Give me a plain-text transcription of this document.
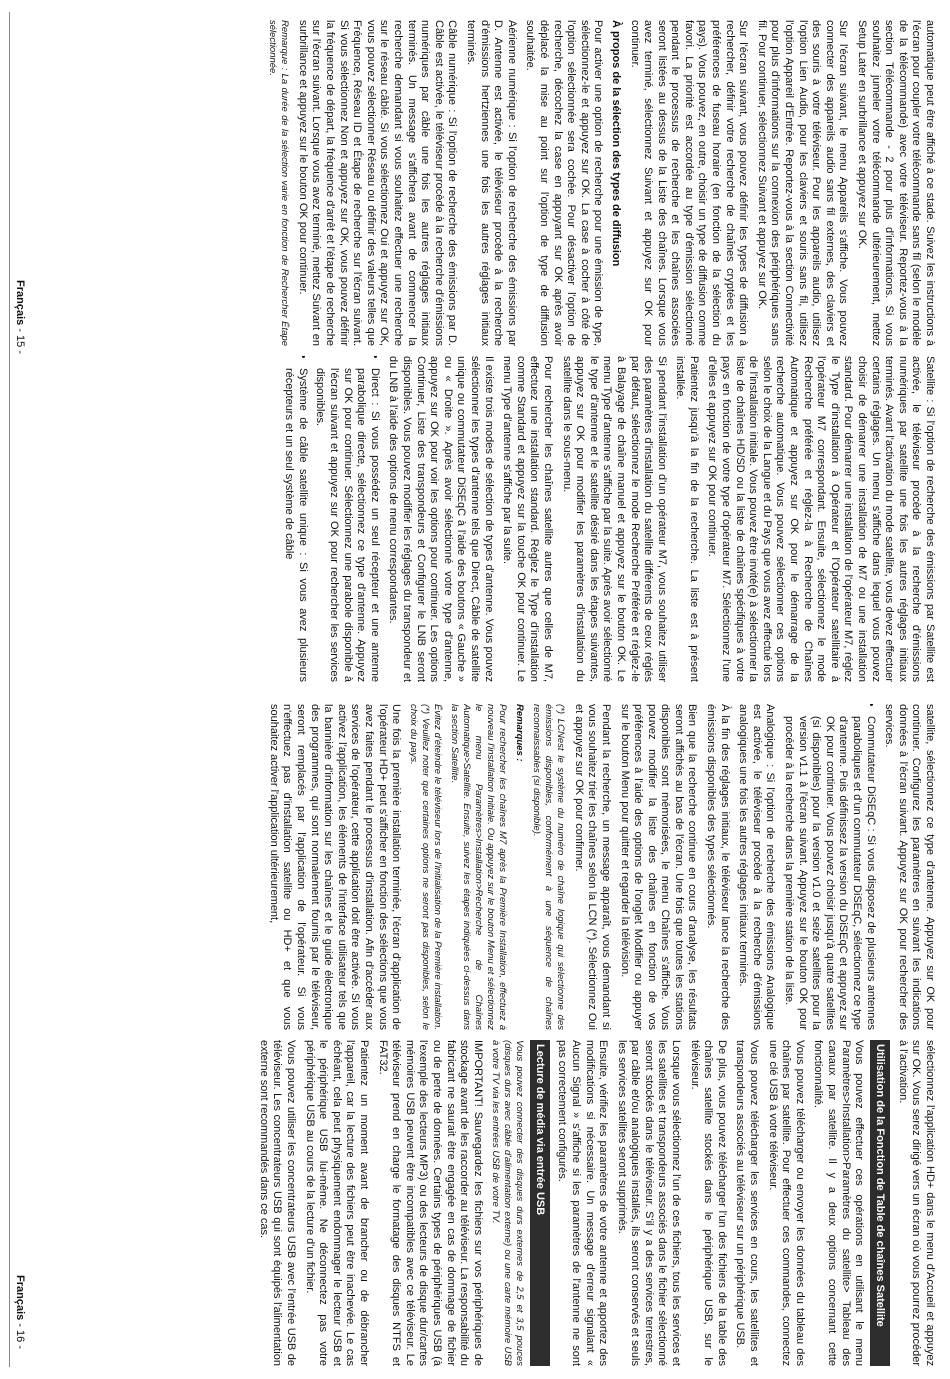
automatique peut être affiché à ce stade. Suivez les instructions à l'écran pour coupler votre télécommande sans fil (selon le modèle de la télécommande) avec votre téléviseur. Reportez-vous à la section Télécommande - 2 pour plus d'informations. Si vous souhaitez jumeler votre télécommande ultérieurement, mettez Setup Later en surbrillance et appuyez sur OK.

Sur l'écran suivant, le menu Appareils s'affiche. Vous pouvez connecter des appareils audio sans fil externes, des claviers et des souris à votre téléviseur. Pour les appareils audio, utilisez l'option Lien Audio, pour les claviers et souris sans fil, utilisez l'option Appareil d'Entrée. Reportez-vous à la section Connectivité pour plus d'informations sur la connexion des périphériques sans fil. Pour continuer, sélectionnez Suivant et appuyez sur OK.

Sur l'écran suivant, vous pouvez définir les types de diffusion à rechercher, définir votre recherche de chaînes cryptées et les préférences de fuseau horaire (en fonction de la sélection du pays). Vous pouvez, en outre, choisir un type de diffusion comme favori. La priorité est accordée au type d'émission sélectionné pendant le processus de recherche et les chaînes associées seront listées au dessus de la Liste des chaînes. Lorsque vous avez terminé, sélectionnez Suivant et appuyez sur OK pour continuer.

À propos de la sélection des types de diffusion

Pour activer une option de recherche pour une émission de type, sélectionnez-le et appuyez sur OK. La case à cocher à côté de l'option sélectionnée sera cochée. Pour désactiver l'option de recherche, décochez la case en appuyant sur OK après avoir déplacé la mise au point sur l'option de type de diffusion souhaitée.

Aérienne numérique : Si l'option de recherche des émissions par D. Antenne est activée, le téléviseur procède à la recherche d'émissions hertziennes une fois les autres réglages initiaux terminés.

Câble numérique : Si l'option de recherche des émissions par D. Câble est activée, le téléviseur procède à la recherche d'émissions numériques par câble une fois les autres réglages initiaux terminés. Un message s'affichera avant de commencer la recherche demandant si vous souhaitez effectuer une recherche sur le réseau câblé. Si vous sélectionnez Oui et appuyez sur OK, vous pouvez sélectionner Réseau ou définir des valeurs telles que Fréquence, Réseau ID et Étape de recherche sur l'écran suivant. Si vous sélectionnez Non et appuyez sur OK, vous pouvez définir la fréquence de départ, la fréquence d'arrêt et l'étape de recherche sur l'écran suivant. Lorsque vous avez terminé, mettez Suivant en surbrillance et appuyez sur le bouton OK pour continuer.

Remarque : La durée de la sélection varie en fonction de Rechercher Étape sélectionnée.

Satellite : Si l'option de recherche des émissions par Satellite est activée, le téléviseur procède à la recherche d'émissions numériques par satellite une fois les autres réglages initiaux terminés. Avant l'activation du mode satellite, vous devez effectuer certains réglages. Un menu s'affiche dans lequel vous pouvez choisir de démarrer une installation de M7 ou une installation standard. Pour démarrer une installation de l'opérateur M7, réglez le Type d'installation à Opérateur et l'Opérateur satellitaire à l'opérateur M7 correspondant. Ensuite, sélectionnez le mode Recherche préférée et réglez-la à Recherche de Chaînes Automatique et appuyez sur OK pour le démarrage de la recherche automatique. Vous pouvez sélectionner ces options selon le choix de la Langue et du Pays que vous avez effectué lors de l'installation initiale. Vous pouvez être invité(e) à sélectionner la liste de chaînes HD/SD ou la liste de chaînes spécifiques à votre pays en fonction de votre type d'opérateur M7. Sélectionnez l'une d'elles et appuyez sur OK pour continuer.

Patientez jusqu'à la fin de la recherche. La liste est à présent installée.

Si pendant l'installation d'un opérateur M7, vous souhaitez utiliser des paramètres d'installation du satellite différents de ceux réglés par défaut, sélectionnez le mode Recherche Préférée et réglez-le à Balayage de chaîne manuel et appuyez sur le bouton OK. Le menu Type d'antenne s'affiche par la suite. Après avoir sélectionné le type d'antenne et le satellite désiré dans les étapes suivantes, appuyez sur OK pour modifier les paramètres d'installation du satellite dans le sous-menu.

Pour rechercher les chaînes satellite autres que celles de M7, effectuez une installation standard. Réglez le Type d'installation comme Standard et appuyez sur la touche OK pour continuer. Le menu Type d'antenne s'affiche par la suite.

Il existe trois modes de sélection de types d'antenne. Vous pouvez sélectionner les types d'antenne tels que Direct, Câble de satellite unique ou commutateur DiSEqC à l'aide des boutons « Gauche » ou « Droite ». Après avoir sélectionné votre type d'antenne, appuyez sur OK pour voir les options pour continuer. Les options Continuer, Liste des transpondeurs et Configurer le LNB seront disponibles. Vous pouvez modifier les réglages du transpondeur et du LNB à l'aide des options de menu correspondantes.

• Direct : Si vous possédez un seul récepteur et une antenne parabolique directe, sélectionnez ce type d'antenne. Appuyez sur OK pour continuer. Sélectionnez une parabole disponible à l'écran suivant et appuyez sur OK pour rechercher les services disponibles.
• Système de câble satellite unique : Si vous avez plusieurs récepteurs et un seul système de câble

satellite, sélectionnez ce type d'antenne. Appuyez sur OK pour continuer. Configurez les paramètres en suivant les indications données à l'écran suivant. Appuyez sur OK pour rechercher des services.

• Commutateur DiSEqC : Si vous disposez de plusieurs antennes paraboliques et d'un commutateur DiSEqC, sélectionnez ce type d'antenne. Puis définissez la version du DiSEqC et appuyez sur OK pour continuer. Vous pouvez choisir jusqu'à quatre satellites (si disponibles) pour la version v1.0 et seize satellites pour la version v1.1 à l'écran suivant. Appuyez sur le bouton OK pour procéder à la recherche dans la première station de la liste.

Analogique : Si l'option de recherche des émissions Analogique est activée, le téléviseur procède à la recherche d'émissions analogiques une fois les autres réglages initiaux terminés.

À la fin des réglages initiaux, le téléviseur lance la recherche des émissions disponibles des types sélectionnés.

Bien que la recherche continue en cours d'analyse, les résultats seront affichés au bas de l'écran. Une fois que toutes les stations disponibles sont mémorisées, le menu Chaînes s'affiche. Vous pouvez modifier la liste des chaînes en fonction de vos préférences à l'aide des options de l'onglet Modifier ou appuyer sur le bouton Menu pour quitter et regarder la télévision.

Pendant la recherche, un message apparaît, vous demandant si vous souhaitez trier les chaînes selon la LCN (*). Sélectionnez Oui et appuyez sur OK pour confirmer.

(*) LCNest le système du numéro de chaîne logique qui sélectionne des émissions disponibles, conformément à une séquence de chaînes reconnaissables (si disponible).

Remarques :

Pour rechercher les chaînes M7 après la Première Installation, effectuez à nouveau l'installation Initiale. Ou appuyez sur le bouton Menu et sélectionnez le menu Paramètres>Installation>Recherche de Chaînes Automatique>Satellite. Ensuite, suivez les étapes indiquées ci-dessus dans la section Satellite.

Évitez d'éteindre le téléviseur lors de l'initialisation de la Première installation. (*) Veuillez noter que certaines options ne seront pas disponibles, selon le choix du pays.

Une fois la première installation terminée, l'écran d'application de l'opérateur HD+ peut s'afficher en fonction des sélections que vous avez faites pendant le processus d'installation. Afin d'accéder aux services de l'opérateur, cette application doit être activée. Si vous activez l'application, les éléments de l'interface utilisateur tels que la bannière d'information sur les chaînes et le guide électronique des programmes, qui sont normalement fournis par le téléviseur, seront remplacés par l'application de l'opérateur. Si vous n'effectuez pas d'installation satellite ou HD+ et que vous souhaitez activer l'application ultérieurement,

sélectionnez l'application HD+ dans le menu d'Accueil et appuyez sur OK. Vous serez dirigé vers un écran où vous pourrez procéder à l'activation.

Utilisation de la Fonction de Table de chaînes Satellite

Vous pouvez effectuer ces opérations en utilisant le menu Paramètres>Installation>Paramètres du satellite> Tableau des canaux par satellite. Il y a deux options concernant cette fonctionnalité.

Vous pouvez télécharger ou envoyer les données du tableau des chaînes par satellite. Pour effectuer ces commandes, connectez une clé USB à votre téléviseur.

Vous pouvez télécharger les services en cours, les satellites et transpondeurs associés au téléviseur sur un périphérique USB.

De plus, vous pouvez télécharger l'un des fichiers de la table des chaînes satellite stockés dans le périphérique USB, sur le téléviseur.

Lorsque vous sélectionnez l'un de ces fichiers, tous les services et les satellites et transpondeurs associés dans le fichier sélectionné seront stockés dans le téléviseur. S'il y a des services terrestres, par câble et/ou analogiques installés, ils seront conservés et seuls les services satellites seront supprimés.

Ensuite, vérifiez les paramètres de votre antenne et apportez des modifications si nécessaire. Un message d'erreur signalant « Aucun Signal » s'affiche si les paramètres de l'antenne ne sont pas correctement configurés.

Lecture de média via entrée USB

Vous pouvez connecter des disques durs externes de 2,5 et 3,5 pouces (disques durs avec câble d'alimentation externe) ou une carte mémoire USB à votre TV via les entrées USB de votre TV.

IMPORTANT! Sauvegardez les fichiers sur vos périphériques de stockage avant de les raccorder au téléviseur. La responsabilité du fabricant ne saurait être engagée en cas de dommage de fichier ou de perte de données. Certains types de périphériques USB (à l'exemple des lecteurs MP3) ou des lecteurs de disque dur/cartes mémoires USB peuvent être incompatibles avec ce téléviseur. Le téléviseur prend en charge le formatage des disques NTFS et FAT32.

Patientez un moment avant de brancher ou de débrancher l'appareil, car la lecture des fichiers peut être inachevée. Le cas échéant, cela peut physiquement endommager le lecteur USB et le périphérique USB lui-même. Ne déconnectez pas votre périphérique USB au cours de la lecture d'un fichier.

Vous pouvez utiliser les concentrateurs USB avec l'entrée USB de téléviseur. Les concentrateurs USB qui sont équipés l'alimentation externe sont recommandés dans ce cas.

Français - 15 -
Français - 16 -
